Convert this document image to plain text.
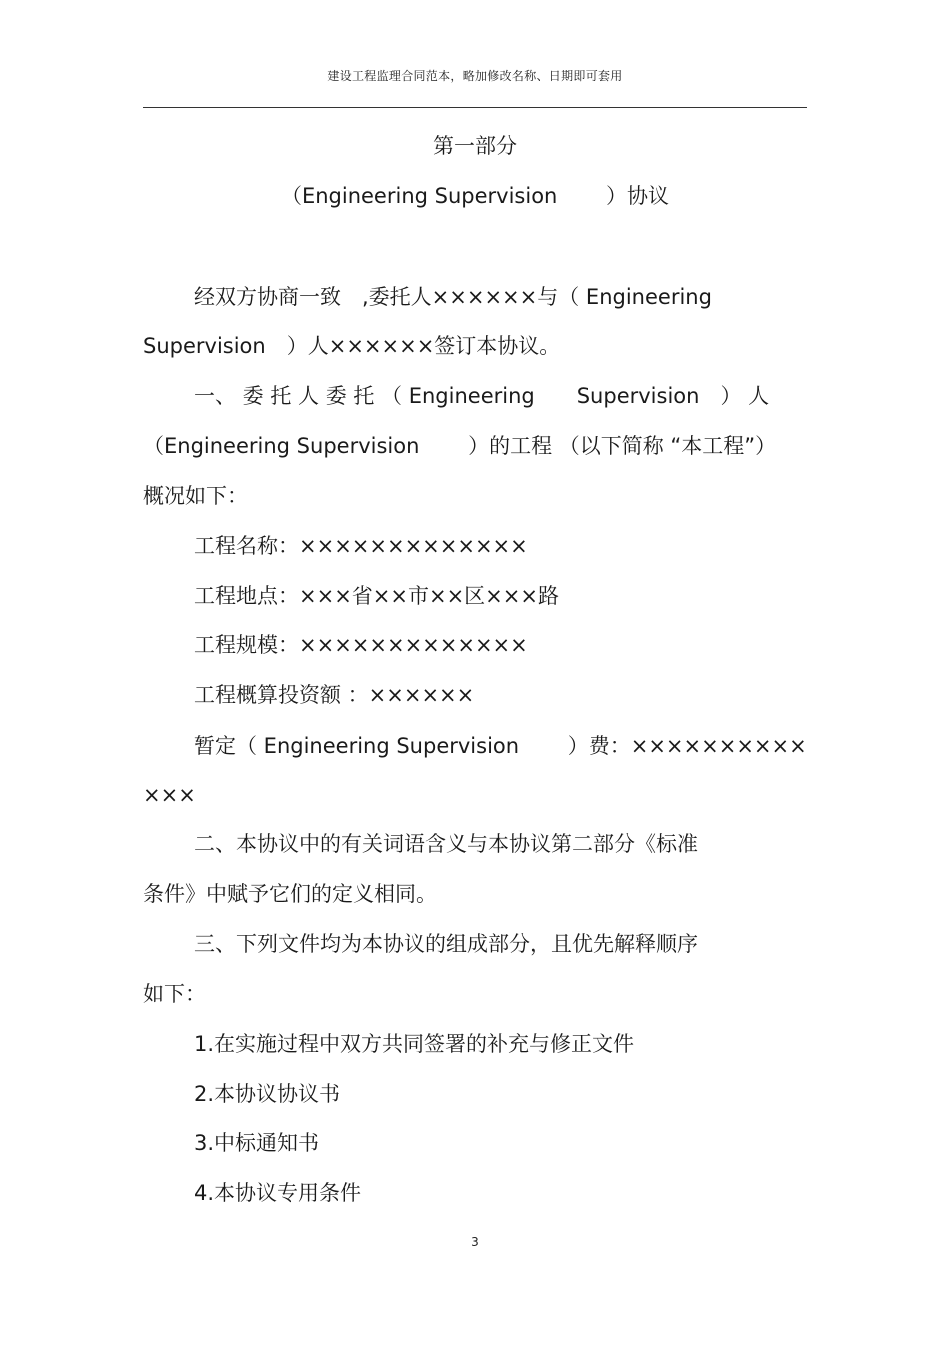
建设工程监理合同范本，略加修改名称、日期即可套用
第一部分
（Engineering Supervision　　 ）协议
经双方协商一致　,委托人××××××与（ Engineering
Supervision　）人××××××签订本协议。
一、 委 托 人 委 托 （ Engineering　　Supervision　） 人
（Engineering Supervision　　 ）的工程 （以下简称 “本工程”）
概况如下：
工程名称：×××××××××××××
工程地点：×××省××市××区×××路
工程规模：×××××××××××××
工程概算投资额 ：××××××
暂定（ Engineering Supervision　　 ）费：××××××××××
×××
二、本协议中的有关词语含义与本协议第二部分《标准
条件》中赋予它们的定义相同。
三、下列文件均为本协议的组成部分，且优先解释顺序
如下：
1.在实施过程中双方共同签署的补充与修正文件
2.本协议协议书
3.中标通知书
4.本协议专用条件
3
